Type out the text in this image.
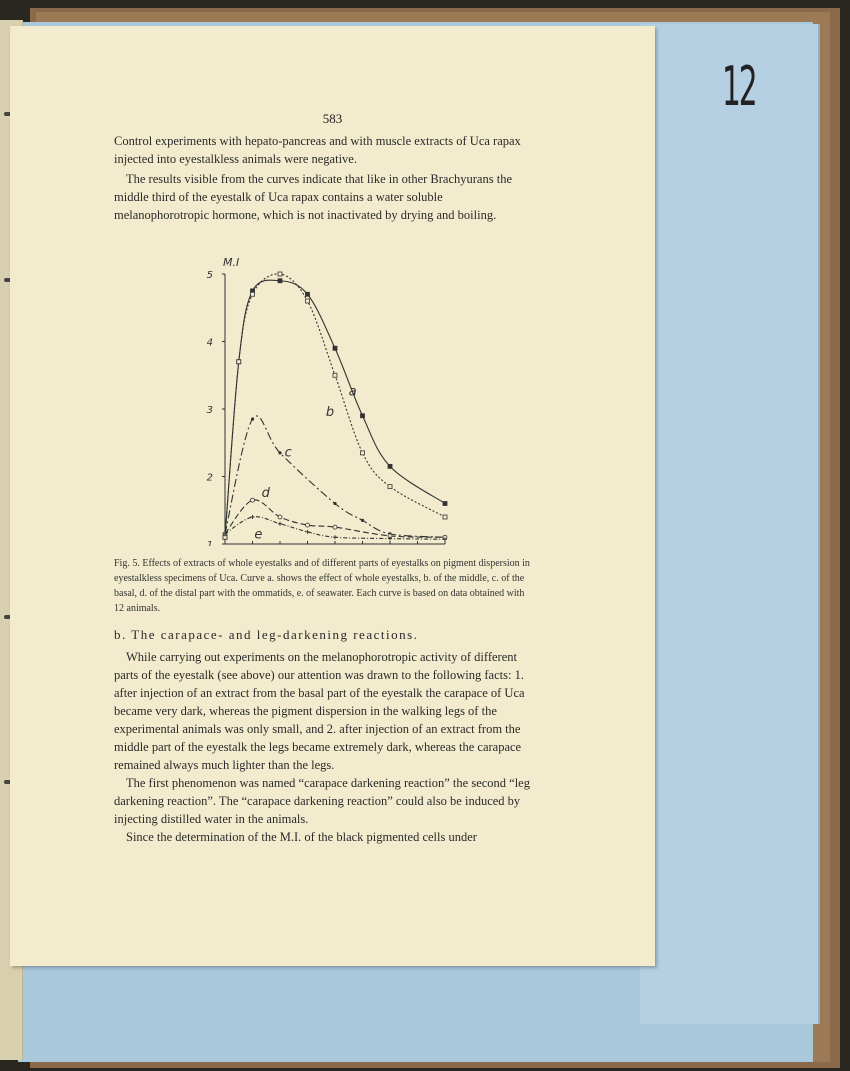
12
583

Control experiments with hepato-pancreas and with muscle extracts of Uca rapax injected into eyestalkless animals were negative.

The results visible from the curves indicate that like in other Brachyurans the middle third of the eyestalk of Uca rapax contains a water soluble melanophorotropic hormone, which is not inactivated by drying and boiling.

1
2
3
4
5
M.I
a
b
c
d
e

Fig. 5. Effects of extracts of whole eyestalks and of different parts of eyestalks on pigment dispersion in eyestalkless specimens of Uca. Curve a. shows the effect of whole eyestalks, b. of the middle, c. of the basal, d. of the distal part with the ommatids, e. of seawater. Each curve is based on data obtained with 12 animals.

b. The carapace- and leg-darkening reactions.

While carrying out experiments on the melanophorotropic activity of different parts of the eyestalk (see above) our attention was drawn to the following facts: 1. after injection of an extract from the basal part of the eyestalk the carapace of Uca became very dark, whereas the pigment dispersion in the walking legs of the experimental animals was only small, and 2. after injection of an extract from the middle part of the eyestalk the legs became extremely dark, whereas the carapace remained always much lighter than the legs.

The first phenomenon was named “carapace darkening reaction” the second “leg darkening reaction”. The “carapace darkening reaction” could also be induced by injecting distilled water in the animals.

Since the determination of the M.I. of the black pigmented cells under
